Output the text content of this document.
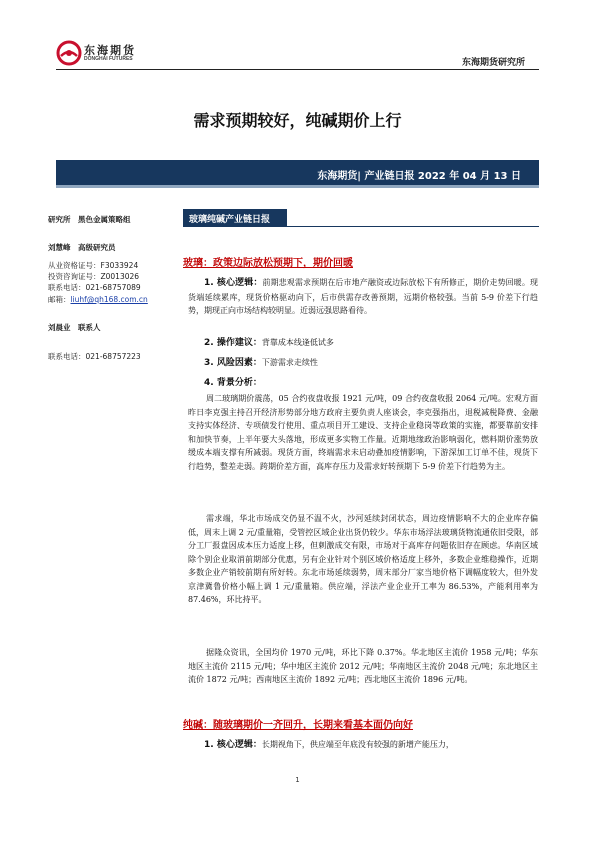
东海期货
DONGHAI FUTURES	东海期货研究所
需求预期较好，纯碱期价上行
东海期货| 产业链日报 2022 年 04 月 13 日
研究所　黑色金属策略组
刘慧峰　高级研究员
从业资格证号：F3033924
投资咨询证号：Z0013026
联系电话：021-68757089
邮箱：liuhf@qh168.com.cn
刘晨业　联系人
联系电话：021-68757223
玻璃纯碱产业链日报
玻璃：政策边际放松预期下，期价回暖
1. 核心逻辑：前期悲观需求预期在后市地产融资或边际放松下有所修正，期价走势回暖。现货端延续累库，现货价格驱动向下，后市供需存改善预期，远期价格较强。当前 5-9 价差下行趋势，期现正向市场结构较明显。近弱远强思路看待。
2. 操作建议：背靠成本线逢低试多
3. 风险因素：下游需求走续性
4. 背景分析：
周二玻璃期价震荡，05 合约夜盘收报 1921 元/吨，09 合约夜盘收报 2064 元/吨。宏观方面昨日李克强主持召开经济形势部分地方政府主要负责人座谈会，李克强指出，退税减税降费、金融支持实体经济、专项债发行使用、重点项目开工建设、支持企业稳岗等政策的实施，都要靠前安排和加快节奏，上半年要大头落地，形成更多实物工作量。近期地缘政治影响弱化，燃料期价涨势放缓成本端支撑有所减弱。现货方面，终端需求未启动叠加疫情影响，下游深加工订单不佳，现货下行趋势，整差走弱。跨期价差方面，高库存压力及需求好转预期下 5-9 价差下行趋势为主。
需求端，华北市场成交仍显不温不火，沙河延续封闭状态，周边疫情影响不大的企业库存偏低，周末上调 2 元/重量箱，受管控区域企业出货仍较少。华东市场浮法玻璃货物流通依旧受限，部分工厂报盘因成本压力适度上移，但刺激成交有限，市场对于高库存问题依旧存在顾虑。华南区域除个别企业取消前期部分优惠，另有企业针对个别区域价格适度上移外，多数企业维稳操作，近期多数企业产销较前期有所好转。东北市场延续弱势，周末部分厂家当地价格下调幅度较大，但外发京津冀鲁价格小幅上调 1 元/重量箱。供应端，浮法产业企业开工率为 86.53%，产能利用率为 87.46%，环比持平。
据隆众资讯，全国均价 1970 元/吨，环比下降 0.37%。华北地区主流价 1958 元/吨；华东地区主流价 2115 元/吨；华中地区主流价 2012 元/吨；华南地区主流价 2048 元/吨；东北地区主流价 1872 元/吨；西南地区主流价 1892 元/吨；西北地区主流价 1896 元/吨。
纯碱：随玻璃期价一齐回升，长期来看基本面仍向好
1
1. 核心逻辑：长期视角下，供应端至年底没有较强的新增产能压力，
